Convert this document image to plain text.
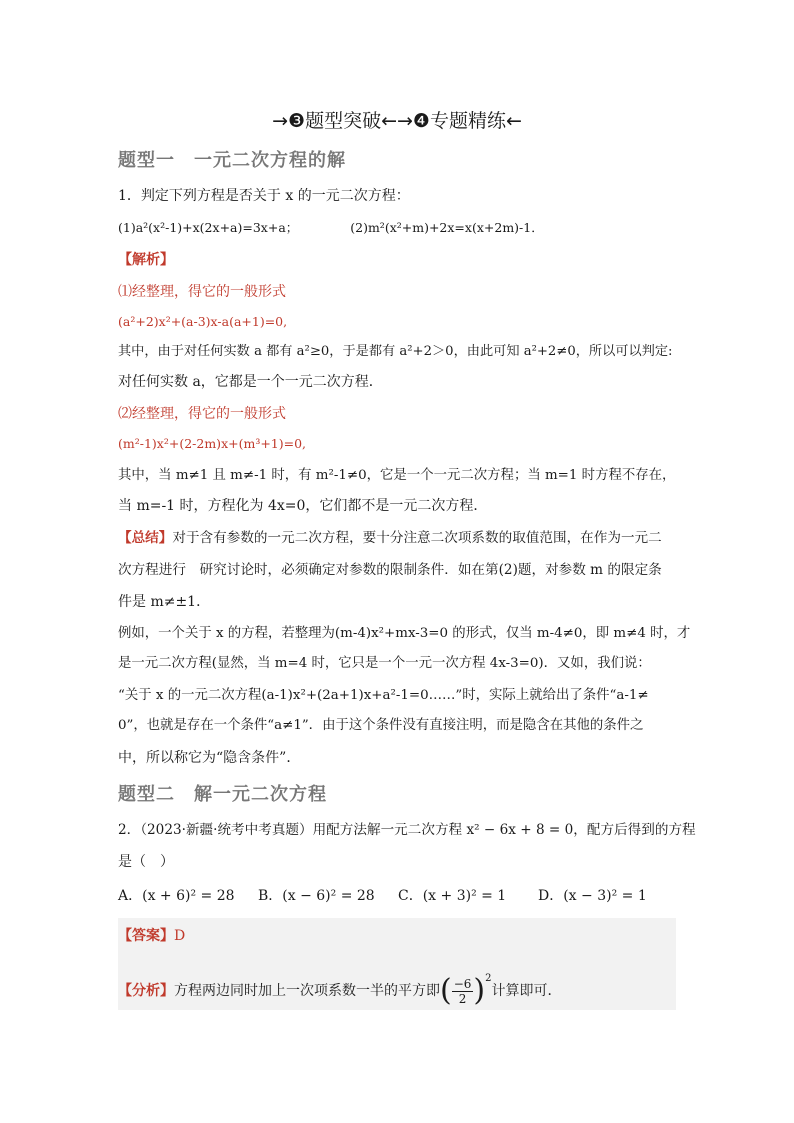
→❸题型突破←→❹专题精练←
题型一　一元二次方程的解
1．判定下列方程是否关于 x 的一元二次方程：
(1)a²(x²-1)+x(2x+a)=3x+a；	(2)m²(x²+m)+2x=x(x+2m)-1．
【解析】
⑴经整理，得它的一般形式
(a²+2)x²+(a-3)x-a(a+1)=0,
其中，由于对任何实数 a 都有 a²≥0，于是都有 a²+2＞0，由此可知 a²+2≠0，所以可以判定:
对任何实数 a，它都是一个一元二次方程．
⑵经整理，得它的一般形式
(m²-1)x²+(2-2m)x+(m³+1)=0,
其中，当 m≠1 且 m≠-1 时，有 m²-1≠0，它是一个一元二次方程；当 m=1 时方程不存在，
当 m=-1 时，方程化为 4x=0，它们都不是一元二次方程．
【总结】对于含有参数的一元二次方程，要十分注意二次项系数的取值范围，在作为一元二
次方程进行　研究讨论时，必须确定对参数的限制条件．如在第(2)题，对参数 m 的限定条
件是 m≠±1．
例如，一个关于 x 的方程，若整理为(m-4)x²+mx-3=0 的形式，仅当 m-4≠0，即 m≠4 时，才
是一元二次方程(显然，当 m=4 时，它只是一个一元一次方程 4x-3=0)．又如，我们说：
“关于 x 的一元二次方程(a-1)x²+(2a+1)x+a²-1=0……”时，实际上就给出了条件“a-1≠
0”，也就是存在一个条件“a≠1”．由于这个条件没有直接注明，而是隐含在其他的条件之
中，所以称它为“隐含条件”．
题型二　解一元二次方程
2．（2023·新疆·统考中考真题）用配方法解一元二次方程 x² − 6x + 8 = 0，配方后得到的方程
是（　）
A．(x + 6)² = 28 B．(x − 6)² = 28 C．(x + 3)² = 1 D．(x − 3)² = 1
【答案】D
【分析】方程两边同时加上一次项系数一半的平方即( $\frac{-6}{2} )^2$计算即可．
